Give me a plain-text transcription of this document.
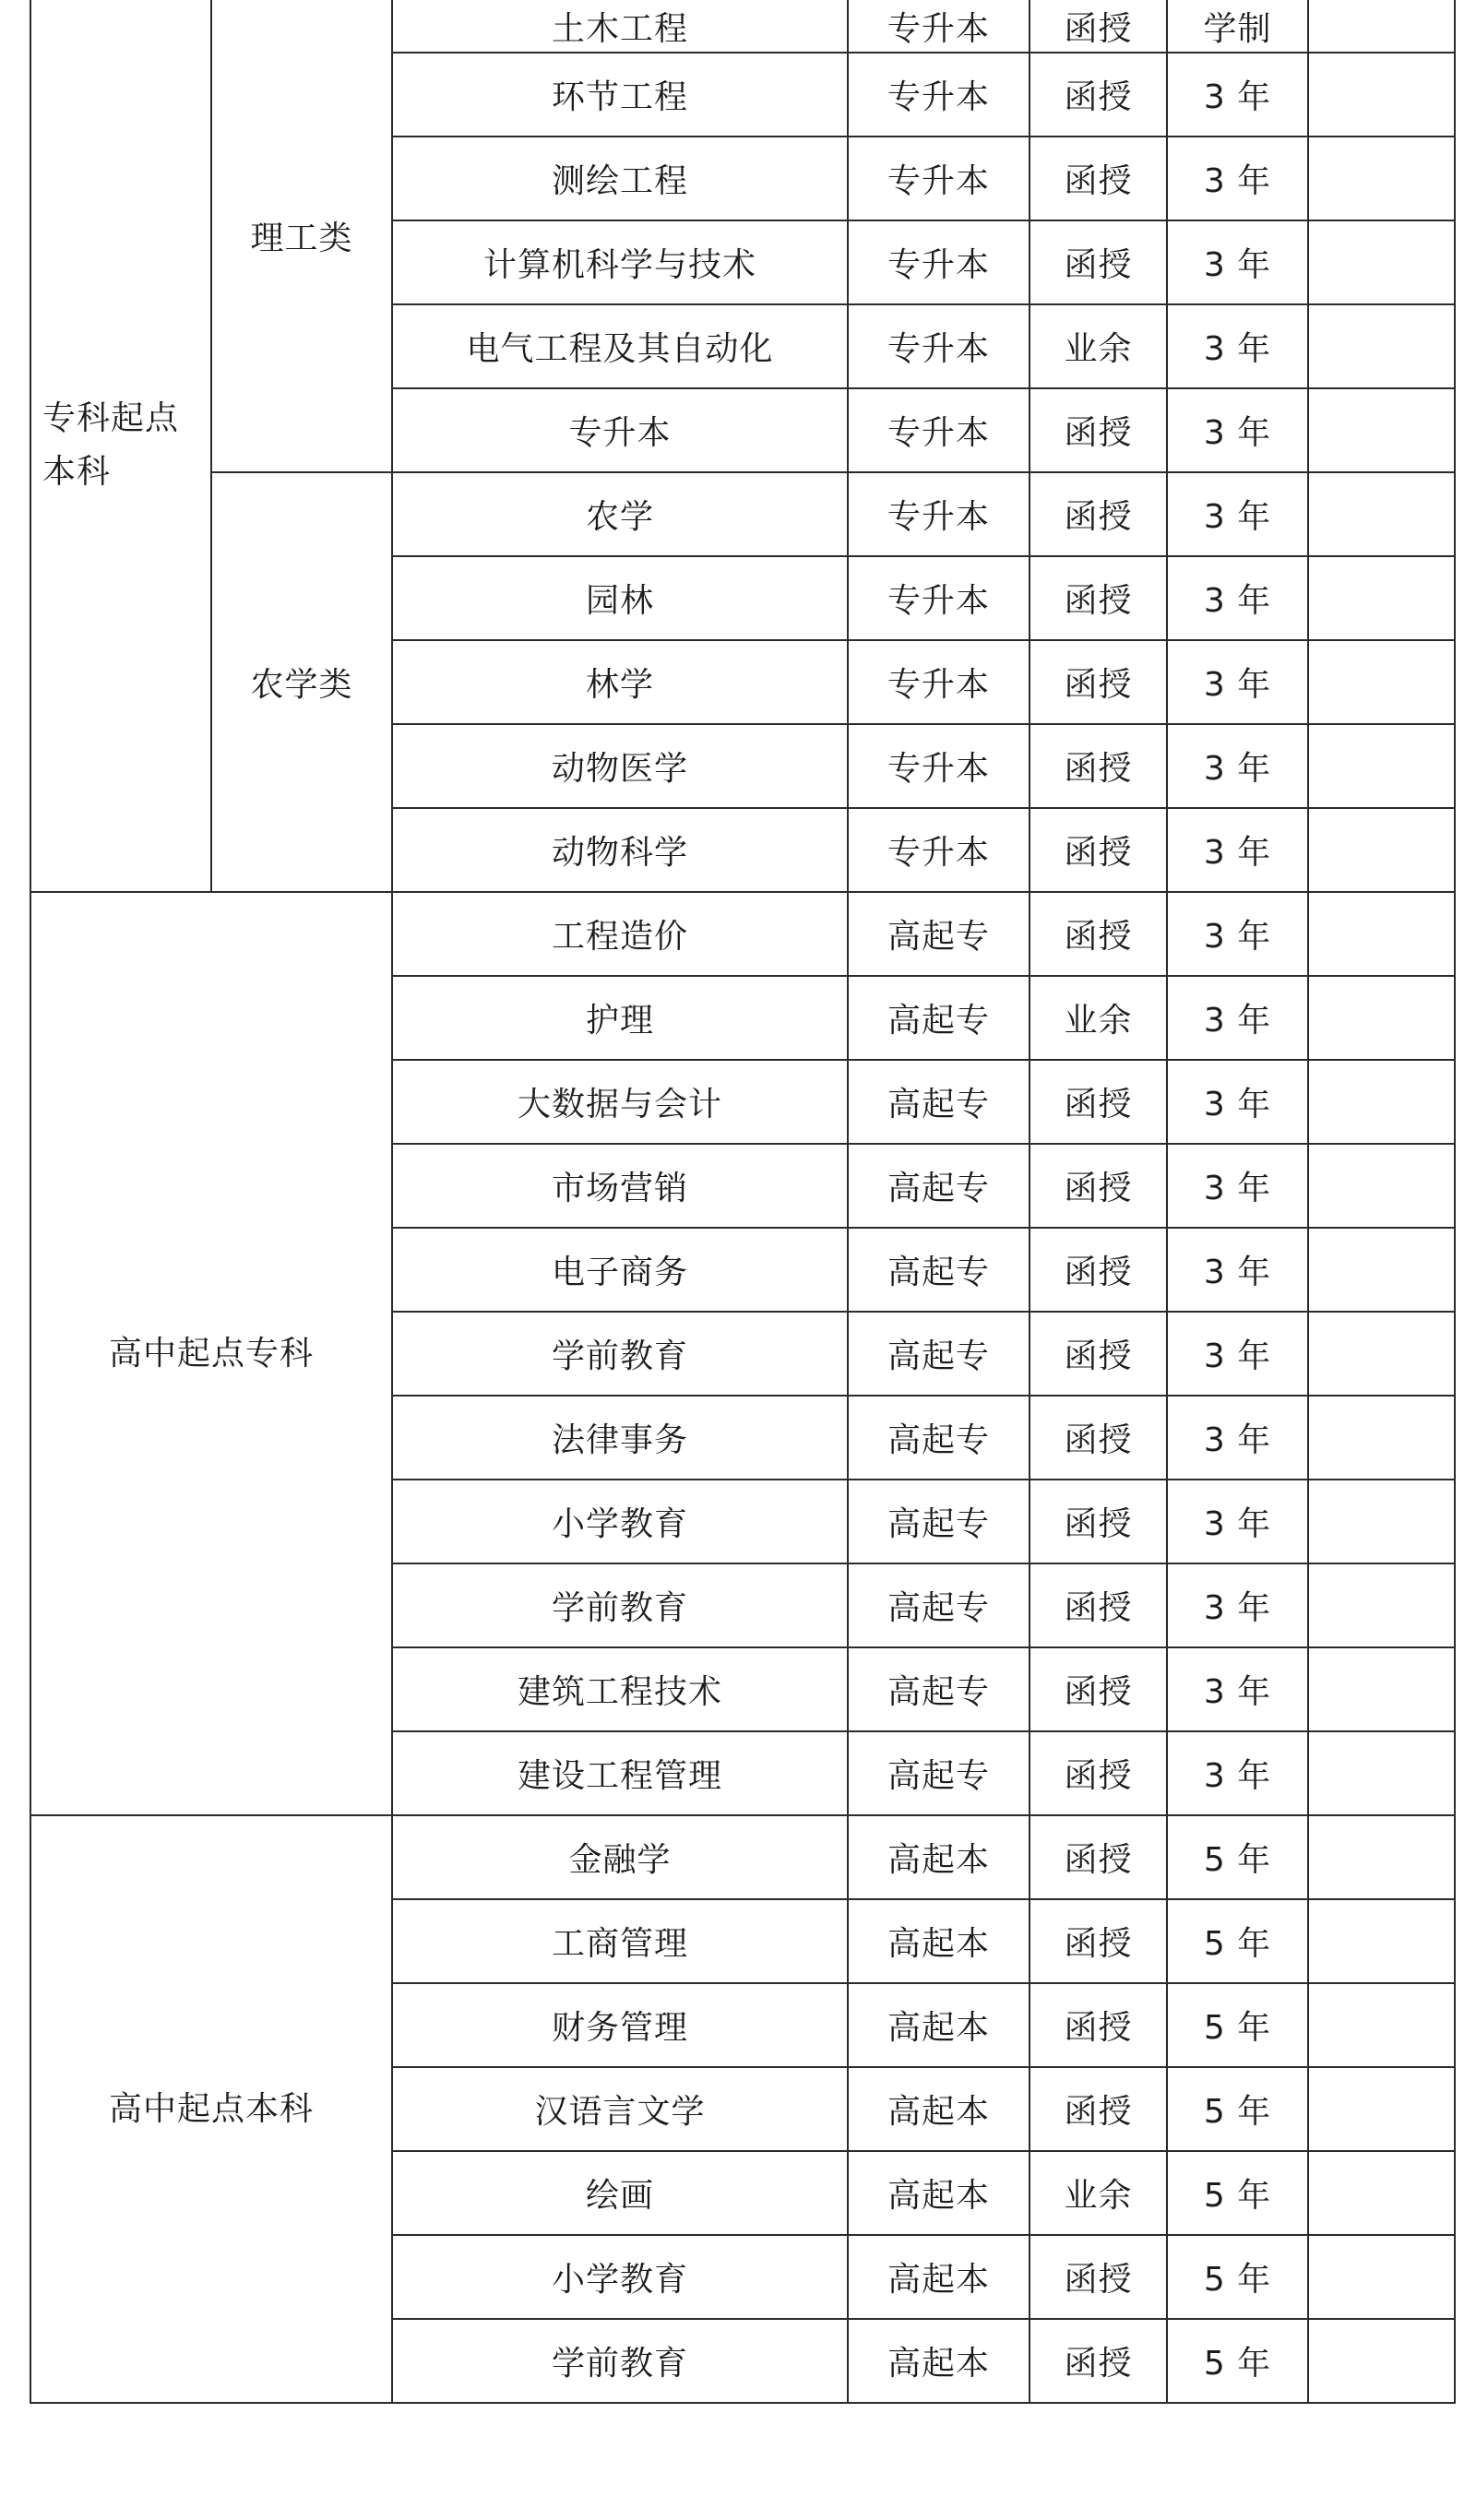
专科起点本科	理工类	土木工程	专升本	函授	学制	
		环节工程	专升本	函授	3 年	
		测绘工程	专升本	函授	3 年	
		计算机科学与技术	专升本	函授	3 年	
		电气工程及其自动化	专升本	业余	3 年	
		专升本	专升本	函授	3 年	
	农学类	农学	专升本	函授	3 年	
		园林	专升本	函授	3 年	
		林学	专升本	函授	3 年	
		动物医学	专升本	函授	3 年	
		动物科学	专升本	函授	3 年	
高中起点专科		工程造价	高起专	函授	3 年	
		护理	高起专	业余	3 年	
		大数据与会计	高起专	函授	3 年	
		市场营销	高起专	函授	3 年	
		电子商务	高起专	函授	3 年	
		学前教育	高起专	函授	3 年	
		法律事务	高起专	函授	3 年	
		小学教育	高起专	函授	3 年	
		学前教育	高起专	函授	3 年	
		建筑工程技术	高起专	函授	3 年	
		建设工程管理	高起专	函授	3 年	
高中起点本科		金融学	高起本	函授	5 年	
		工商管理	高起本	函授	5 年	
		财务管理	高起本	函授	5 年	
		汉语言文学	高起本	函授	5 年	
		绘画	高起本	业余	5 年	
		小学教育	高起本	函授	5 年	
		学前教育	高起本	函授	5 年	
